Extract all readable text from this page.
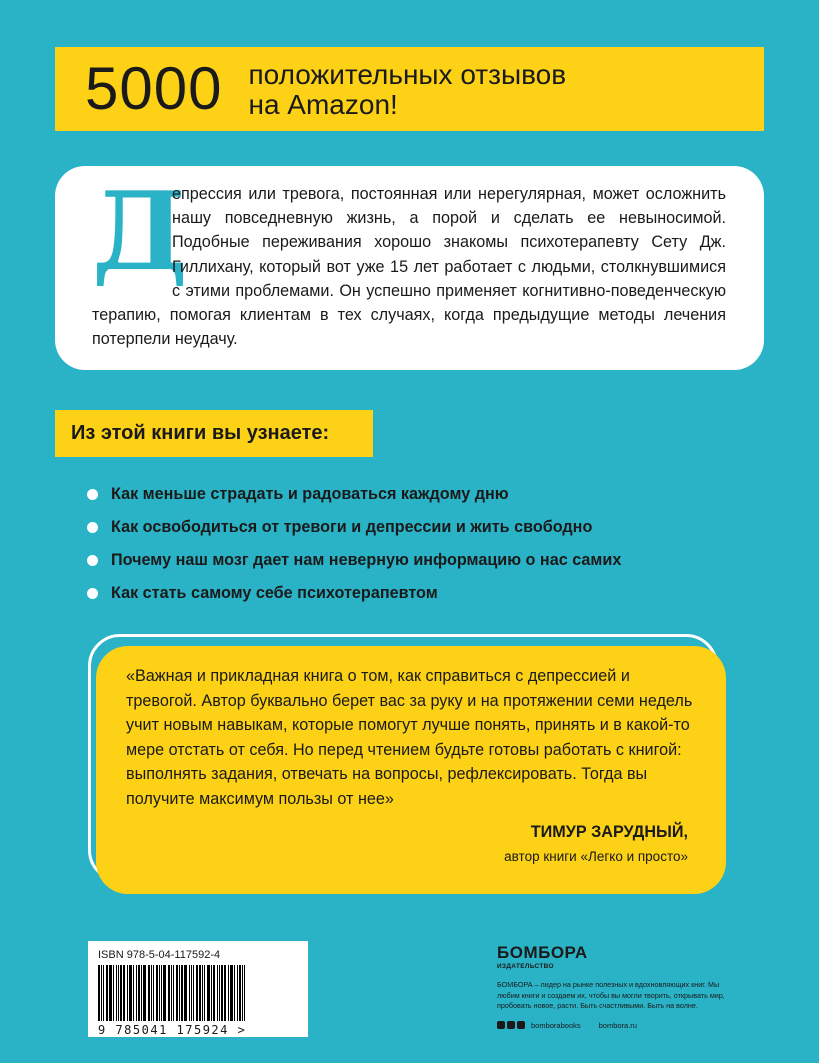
5000 положительных отзывов
на Amazon!
Д

епрессия или тревога, постоянная или нерегулярная, может осложнить нашу повседневную жизнь, а порой и сделать ее невыносимой. Подобные переживания хорошо знакомы психотерапевту Сету Дж. Гиллихану, который вот уже 15 лет работает с людьми, столкнувшимися с этими проблемами. Он успешно применяет когнитивно-поведенческую терапию, помогая клиентам в тех случаях, когда предыдущие методы лечения потерпели неудачу.

Из этой книги вы узнаете:
Как меньше страдать и радоваться каждому дню
Как освободиться от тревоги и депрессии и жить свободно
Почему наш мозг дает нам неверную информацию о нас самих
Как стать самому себе психотерапевтом

«Важная и прикладная книга о том, как справиться с депрессией и тревогой. Автор буквально берет вас за руку и на протяжении семи недель учит новым навыкам, которые помогут лучше понять, принять и в какой-то мере отстать от себя. Но перед чтением будьте готовы работать с книгой: выполнять задания, отвечать на вопросы, рефлексировать. Тогда вы получите максимум пользы от нее»

ТИМУР ЗАРУДНЫЙ,
автор книги «Легко и просто»
ISBN 978-5-04-117592-4
9 785041 175924 >
БОМБОРА
ИЗДАТЕЛЬСТВО
БОМБОРА – лидер на рынке полезных и вдохновляющих книг. Мы любим книги и создаем их, чтобы вы могли творить, открывать мир, пробовать новое, расти. Быть счастливыми. Быть на волне.
bomborabooks bombora.ru
